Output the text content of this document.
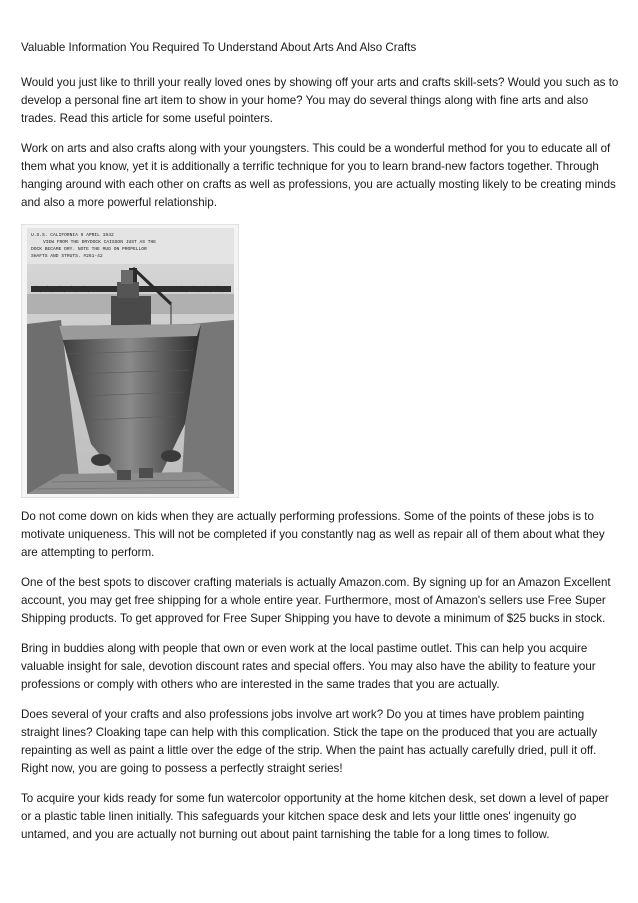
Valuable Information You Required To Understand About Arts And Also Crafts

Would you just like to thrill your really loved ones by showing off your arts and crafts skill-sets? Would you such as to develop a personal fine art item to show in your home? You may do several things along with fine arts and also trades. Read this article for some useful pointers.

Work on arts and also crafts along with your youngsters. This could be a wonderful method for you to educate all of them what you know, yet it is additionally a terrific technique for you to learn brand-new factors together. Through hanging around with each other on crafts as well as professions, you are actually mosting likely to be creating minds and also a more powerful relationship.

U.S.S. CALIFORNIA 9 APRIL 1942
VIEW FROM THE DRYDOCK CAISSON JUST AS THE
DOCK BECAME DRY. NOTE THE MUD ON PROPELLOR
SHAFTS AND STRUTS. #261-42

Do not come down on kids when they are actually performing professions. Some of the points of these jobs is to motivate uniqueness. This will not be completed if you constantly nag as well as repair all of them about what they are attempting to perform.

One of the best spots to discover crafting materials is actually Amazon.com. By signing up for an Amazon Excellent account, you may get free shipping for a whole entire year. Furthermore, most of Amazon's sellers use Free Super Shipping products. To get approved for Free Super Shipping you have to devote a minimum of $25 bucks in stock.

Bring in buddies along with people that own or even work at the local pastime outlet. This can help you acquire valuable insight for sale, devotion discount rates and special offers. You may also have the ability to feature your professions or comply with others who are interested in the same trades that you are actually.

Does several of your crafts and also professions jobs involve art work? Do you at times have problem painting straight lines? Cloaking tape can help with this complication. Stick the tape on the produced that you are actually repainting as well as paint a little over the edge of the strip. When the paint has actually carefully dried, pull it off. Right now, you are going to possess a perfectly straight series!

To acquire your kids ready for some fun watercolor opportunity at the home kitchen desk, set down a level of paper or a plastic table linen initially. This safeguards your kitchen space desk and lets your little ones' ingenuity go untamed, and you are actually not burning out about paint tarnishing the table for a long times to follow.
